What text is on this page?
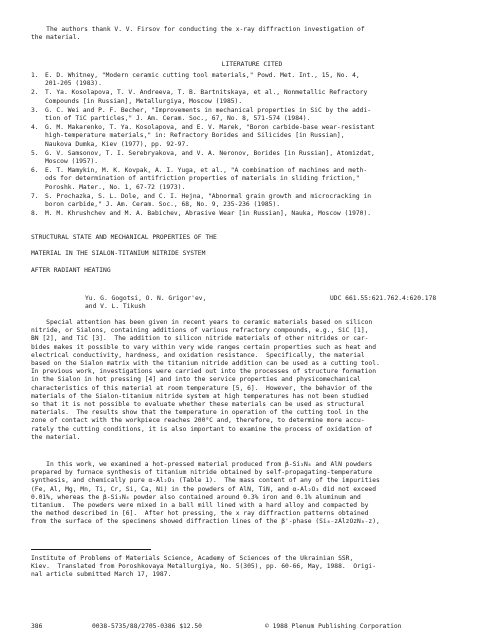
The authors thank V. V. Firsov for conducting the x-ray diffraction investigation of
the material.
LITERATURE CITED
1.	E. D. Whitney, "Modern ceramic cutting tool materials," Powd. Met. Int., 15, No. 4,
201-205 (1983).
2.	T. Ya. Kosolapova, T. V. Andreeva, T. B. Bartnitskaya, et al., Nonmetallic Refractory
Compounds [in Russian], Metallurgiya, Moscow (1985).
3.	G. C. Wei and P. F. Becher, "Improvements in mechanical properties in SiC by the addi-
tion of TiC particles," J. Am. Ceram. Soc., 67, No. 8, 571-574 (1984).
4.	G. M. Makarenko, T. Ya. Kosolapova, and E. V. Marek, "Boron carbide-base wear-resistant
high-temperature materials," in: Refractory Borides and Silicides [in Russian],
Naukova Dumka, Kiev (1977), pp. 92-97.
5.	G. V. Samsonov, T. I. Serebryakova, and V. A. Neronov, Borides [in Russian], Atomizdat,
Moscow (1957).
6.	E. T. Mamykin, M. K. Kovpak, A. I. Yuga, et al., "A combination of machines and meth-
ods for determination of antifriction properties of materials in sliding friction,"
Poroshk. Mater., No. 1, 67-72 (1973).
7.	S. Prochazka, S. L. Dole, and C. I. Hejna, "Abnormal grain growth and microcracking in
boron carbide," J. Am. Ceram. Soc., 68, No. 9, 235-236 (1985).
8.	M. M. Khrushchev and M. A. Babichev, Abrasive Wear [in Russian], Nauka, Moscow (1970).
STRUCTURAL STATE AND MECHANICAL PROPERTIES OF THE

MATERIAL IN THE SIALON-TITANIUM NITRIDE SYSTEM

AFTER RADIANT HEATING
Yu. G. Gogotsi, O. N. Grigor'ev,
and V. L. Tikush
UDC 661.55:621.762.4:620.178
Special attention has been given in recent years to ceramic materials based on silicon
nitride, or Sialons, containing additions of various refractory compounds, e.g., SiC [1],
BN [2], and TiC [3].  The addition to silicon nitride materials of other nitrides or car-
bides makes it possible to vary within very wide ranges certain properties such as heat and
electrical conductivity, hardness, and oxidation resistance.  Specifically, the material
based on the Sialon matrix with the titanium nitride addition can be used as a cutting tool.
In previous work, investigations were carried out into the processes of structure formation
in the Sialon in hot pressing [4] and into the service properties and physicomechanical
characteristics of this material at room temperature [5, 6].  However, the behavior of the
materials of the Sialon-titanium nitride system at high temperatures has not been studied
so that it is not possible to evaluate whether these materials can be used as structural
materials.  The results show that the temperature in operation of the cutting tool in the
zone of contact with the workpiece reaches 200°C and, therefore, to determine more accu-
rately the cutting conditions, it is also important to examine the process of oxidation of
the material.
In this work, we examined a hot-pressed material produced from β-Si₃N₄ and AlN powders
prepared by furnace synthesis of titanium nitride obtained by self-propagating-temperature
synthesis, and chemically pure α-Al₂O₃ (Table 1).  The mass content of any of the impurities
(Fe, Al, Mg, Mn, Ti, Cr, Si, Ca, Ni) in the powders of AlN, TiN, and α-Al₂O₃ did not exceed
0.01%, whereas the β-Si₃N₄ powder also contained around 0.3% iron and 0.1% aluminum and
titanium.  The powders were mixed in a ball mill lined with a hard alloy and compacted by
the method described in [6].  After hot pressing, the x ray diffraction patterns obtained
from the surface of the specimens showed diffraction lines of the β'-phase (Si₆₋zAlzOzN₈₋z),
Institute of Problems of Materials Science, Academy of Sciences of the Ukrainian SSR,
Kiev.  Translated from Poroshkovaya Metallurgiya, No. 5(305), pp. 60-66, May, 1988.  Origi-
nal article submitted March 17, 1987.
386	0038-5735/88/2705-0386 $12.50	© 1988 Plenum Publishing Corporation
